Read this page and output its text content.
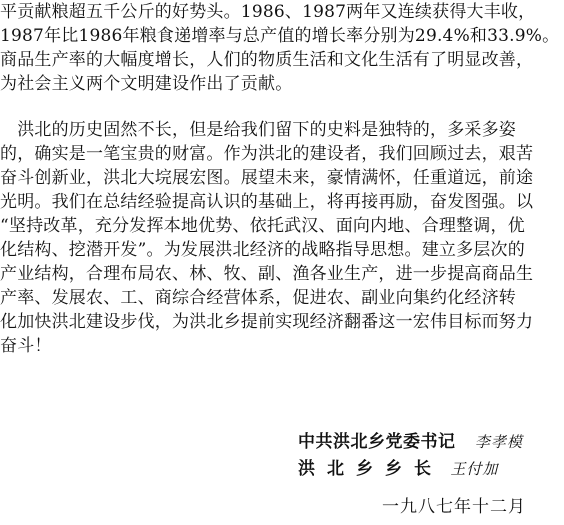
平贡献粮超五千公斤的好势头。1986、1987两年又连续获得大丰收，
1987年比1986年粮食递增率与总产值的增长率分别为29.4%和33.9%。
商品生产率的大幅度增长，人们的物质生活和文化生活有了明显改善，
为社会主义两个文明建设作出了贡献。
　洪北的历史固然不长，但是给我们留下的史料是独特的，多采多姿
的，确实是一笔宝贵的财富。作为洪北的建设者，我们回顾过去，艰苦
奋斗创新业，洪北大垸展宏图。展望未来，豪情满怀，任重道远，前途
光明。我们在总结经验提高认识的基础上，将再接再励，奋发图强。以
“坚持改革，充分发挥本地优势、依托武汉、面向内地、合理整调，优
化结构、挖潜开发”。为发展洪北经济的战略指导思想。建立多层次的
产业结构，合理布局农、林、牧、副、渔各业生产，进一步提高商品生
产率、发展农、工、商综合经营体系，促进农、副业向集约化经济转
化加快洪北建设步伐，为洪北乡提前实现经济翻番这一宏伟目标而努力
奋斗！
中共洪北乡党委书记 李孝模
洪北乡乡长 王付加
一九八七年十二月
